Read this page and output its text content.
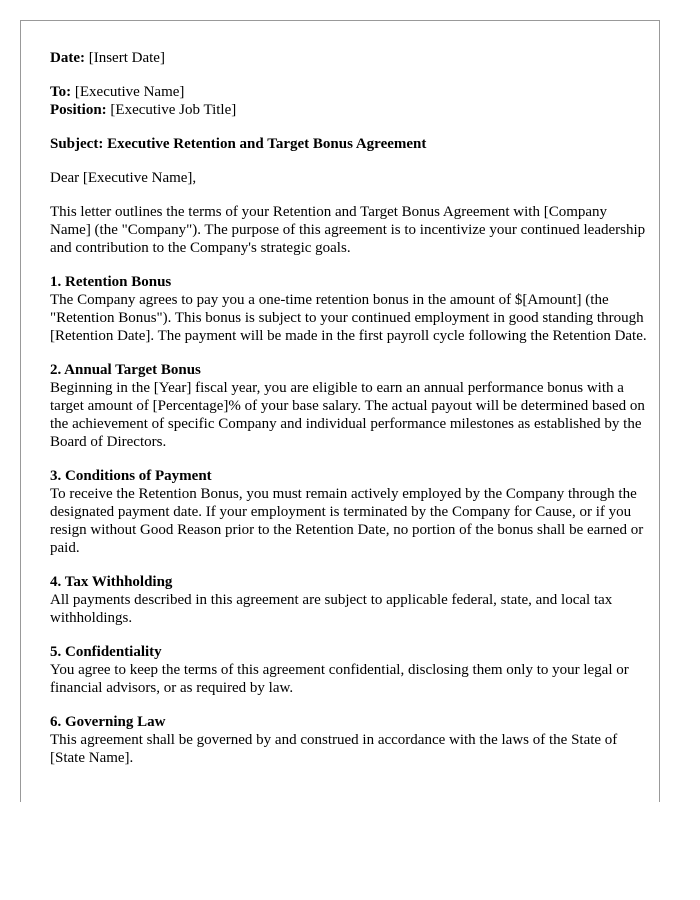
Date: [Insert Date]

To: [Executive Name]

Position: [Executive Job Title]

Subject: Executive Retention and Target Bonus Agreement

Dear [Executive Name],

This letter outlines the terms of your Retention and Target Bonus Agreement with [Company Name] (the "Company"). The purpose of this agreement is to incentivize your continued leadership and contribution to the Company's strategic goals.

1. Retention Bonus

The Company agrees to pay you a one-time retention bonus in the amount of $[Amount] (the "Retention Bonus"). This bonus is subject to your continued employment in good standing through [Retention Date]. The payment will be made in the first payroll cycle following the Retention Date.

2. Annual Target Bonus

Beginning in the [Year] fiscal year, you are eligible to earn an annual performance bonus with a target amount of [Percentage]% of your base salary. The actual payout will be determined based on the achievement of specific Company and individual performance milestones as established by the Board of Directors.

3. Conditions of Payment

To receive the Retention Bonus, you must remain actively employed by the Company through the designated payment date. If your employment is terminated by the Company for Cause, or if you resign without Good Reason prior to the Retention Date, no portion of the bonus shall be earned or paid.

4. Tax Withholding

All payments described in this agreement are subject to applicable federal, state, and local tax withholdings.

5. Confidentiality

You agree to keep the terms of this agreement confidential, disclosing them only to your legal or financial advisors, or as required by law.

6. Governing Law

This agreement shall be governed by and construed in accordance with the laws of the State of [State Name].
